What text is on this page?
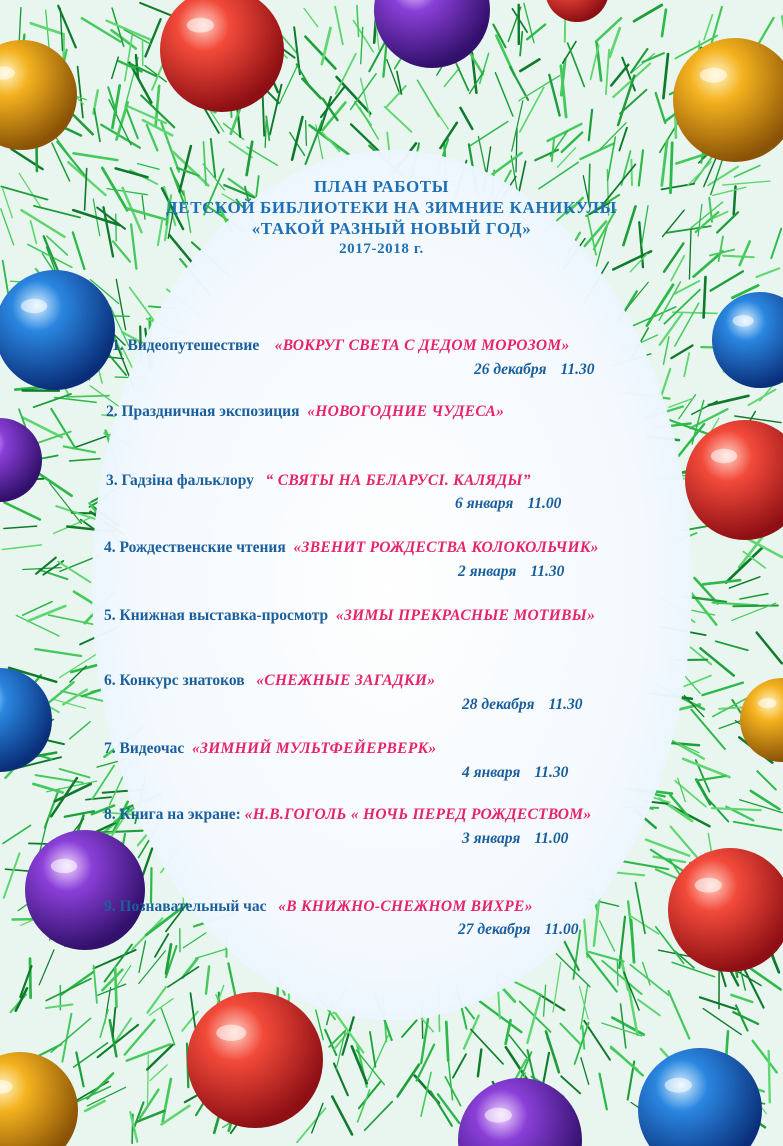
ПЛАН РАБОТЫ
ДЕТСКОЙ БИБЛИОТЕКИ НА ЗИМНИЕ КАНИКУЛЫ
«ТАКОЙ РАЗНЫЙ НОВЫЙ ГОД»
2017-2018 г.
1. Видеопутешествие «ВОКРУГ СВЕТА С ДЕДОМ МОРОЗОМ»
26 декабря 11.30
2. Праздничная экспозиция «НОВОГОДНИЕ ЧУДЕСА»
3. Гадзіна фальклору “ СВЯТЫ НА БЕЛАРУСІ. КАЛЯДЫ”
6 января 11.00
4. Рождественские чтения «ЗВЕНИТ РОЖДЕСТВА КОЛОКОЛЬЧИК»
2 января 11.30
5. Книжная выставка-просмотр «ЗИМЫ ПРЕКРАСНЫЕ МОТИВЫ»
6. Конкурс знатоков «СНЕЖНЫЕ ЗАГАДКИ»
28 декабря 11.30
7. Видеочас «ЗИМНИЙ МУЛЬТФЕЙЕРВЕРК»
4 января 11.30
8. Книга на экране: «Н.В.ГОГОЛЬ « НОЧЬ ПЕРЕД РОЖДЕСТВОМ»
3 января 11.00
9. Познавательный час «В КНИЖНО-СНЕЖНОМ ВИХРЕ»
27 декабря 11.00
